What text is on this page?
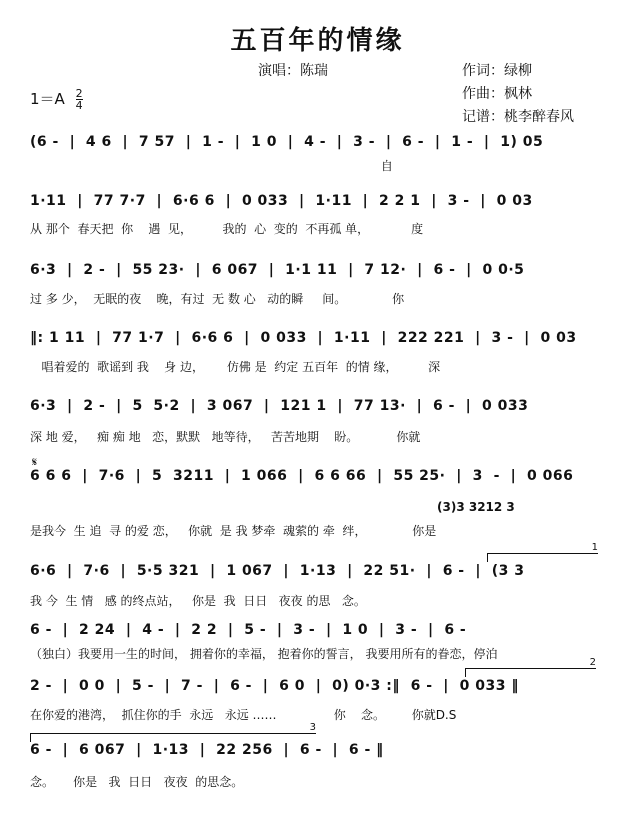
五百年的情缘
演唱：陈瑞	作词：绿柳
作曲：枫林
记谱：桃李醉春风
$1=A \frac{2}{4}$
(6 -  |  4 6  |  7 57  |  1 -  |  1 0  |  4 -  |  3 -  |  6 -  |  1 -  |  1) 05
自
1·11  |  77 7·7  |  6·6 6  |  0 033  |  1·11  |  2 2 1  |  3 -  |  0 03
从 那个  春天把  你    遇  见，        我的  心  变的  不再孤 单，           度
6·3  |  2 -  |  55 23·  |  6 067  |  1·1 11  |  7 12·  |  6 -  |  0 0·5
过 多 少，  无眠的夜    晚，有过  无 数 心   动的瞬     间。            你
‖: 1 11  |  77 1·7  |  6·6 6  |  0 033  |  1·11  |  222 221  |  3 -  |  0 03
唱着爱的  歌谣到 我    身 边，      仿佛 是  约定 五百年  的情 缘，        深
6·3  |  2 -  |  5  5·2  |  3 067  |  121 1  |  77 13·  |  6 -  |  0 033
深 地 爱，   痴 痴 地   恋，默默   地等待，   苦苦地期    盼。          你就
𝄋
6 6 6  |  7·6  |  5  3211  |  1 066  |  6 6 66  |  55 25·  |  3  -  |  0 066
(3)3 3212 3
是我今  生 追  寻 的爱 恋，   你就  是 我 梦牵  魂萦的 牵  绊，            你是
1
6·6  |  7·6  |  5·5 321  |  1 067  |  1·13  |  22 51·  |  6 -  |  (3 3
我 今  生 情   感 的终点站，   你是  我  日日   夜夜 的思   念。
6 -  |  2 24  |  4 -  |  2 2  |  5 -  |  3 -  |  1 0  |  3 -  |  6 -
（独白）我要用一生的时间， 拥着你的幸福， 抱着你的誓言， 我要用所有的眷恋，停泊
2
2 -  |  0 0  |  5 -  |  7 -  |  6 -  |  6 0  |  0) 0·3 :‖  6 -  |  0 033 ‖
在你爱的港湾，  抓住你的手  永远   永远 ……               你    念。       你就D.S
3
6 -  |  6 067  |  1·13  |  22 256  |  6 -  |  6 - ‖
念。     你是   我  日日   夜夜  的思念。
